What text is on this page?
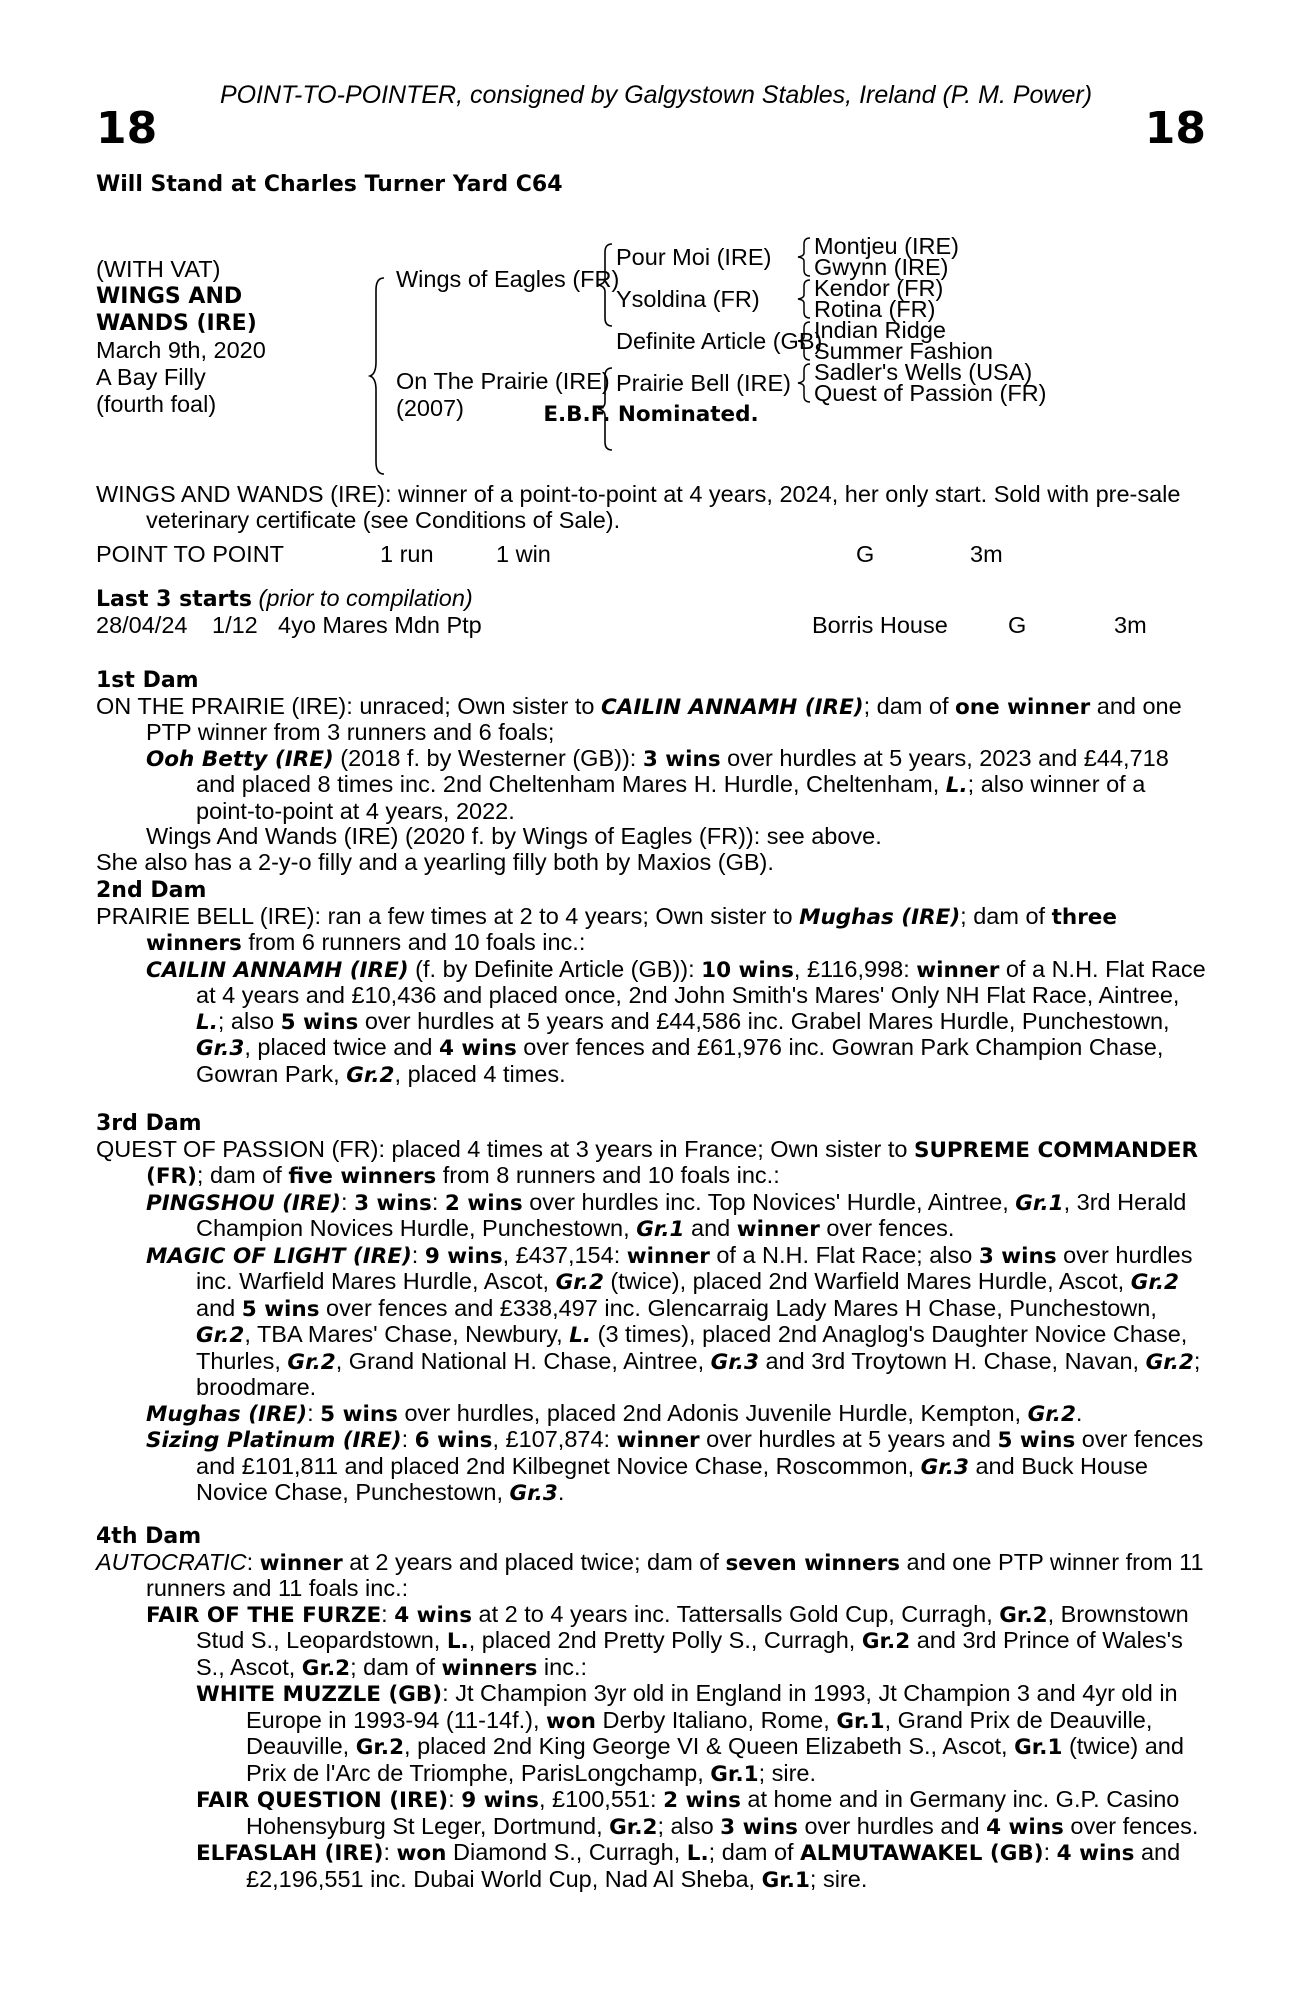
POINT-TO-POINTER, consigned by Galgystown Stables, Ireland (P. M. Power)

18	18
Will Stand at Charles Turner Yard C64
(WITH VAT)
WINGS AND
WANDS (IRE)
March 9th, 2020
A Bay Filly
(fourth foal)
Wings of Eagles (FR)
On The Prairie (IRE)
(2007)
Pour Moi (IRE)
Ysoldina (FR)
Definite Article (GB)
Prairie Bell (IRE)
Montjeu (IRE)
Gwynn (IRE)
Kendor (FR)
Rotina (FR)
Indian Ridge
Summer Fashion
Sadler's Wells (USA)
Quest of Passion (FR)
E.B.F. Nominated.

WINGS AND WANDS (IRE): winner of a point-to-point at 4 years, 2024, her only start. Sold with pre-sale veterinary certificate (see Conditions of Sale).

POINT TO POINT	1 run	1 win	G	3m

Last 3 starts (prior to compilation)

28/04/24 1/12 4yo Mares Mdn Ptp	Borris House	G	3m

1st Dam

ON THE PRAIRIE (IRE): unraced; Own sister to CAILIN ANNAMH (IRE); dam of one winner and one PTP winner from 3 runners and 6 foals;

Ooh Betty (IRE) (2018 f. by Westerner (GB)): 3 wins over hurdles at 5 years, 2023 and £44,718 and placed 8 times inc. 2nd Cheltenham Mares H. Hurdle, Cheltenham, L.; also winner of a point-to-point at 4 years, 2022.

Wings And Wands (IRE) (2020 f. by Wings of Eagles (FR)): see above.

She also has a 2-y-o filly and a yearling filly both by Maxios (GB).

2nd Dam

PRAIRIE BELL (IRE): ran a few times at 2 to 4 years; Own sister to Mughas (IRE); dam of three winners from 6 runners and 10 foals inc.:

CAILIN ANNAMH (IRE) (f. by Definite Article (GB)): 10 wins, £116,998: winner of a N.H. Flat Race at 4 years and £10,436 and placed once, 2nd John Smith's Mares' Only NH Flat Race, Aintree, L.; also 5 wins over hurdles at 5 years and £44,586 inc. Grabel Mares Hurdle, Punchestown, Gr.3, placed twice and 4 wins over fences and £61,976 inc. Gowran Park Champion Chase, Gowran Park, Gr.2, placed 4 times.

3rd Dam

QUEST OF PASSION (FR): placed 4 times at 3 years in France; Own sister to SUPREME COMMANDER (FR); dam of five winners from 8 runners and 10 foals inc.:

PINGSHOU (IRE): 3 wins: 2 wins over hurdles inc. Top Novices' Hurdle, Aintree, Gr.1, 3rd Herald Champion Novices Hurdle, Punchestown, Gr.1 and winner over fences.

MAGIC OF LIGHT (IRE): 9 wins, £437,154: winner of a N.H. Flat Race; also 3 wins over hurdles inc. Warfield Mares Hurdle, Ascot, Gr.2 (twice), placed 2nd Warfield Mares Hurdle, Ascot, Gr.2 and 5 wins over fences and £338,497 inc. Glencarraig Lady Mares H Chase, Punchestown, Gr.2, TBA Mares' Chase, Newbury, L. (3 times), placed 2nd Anaglog's Daughter Novice Chase, Thurles, Gr.2, Grand National H. Chase, Aintree, Gr.3 and 3rd Troytown H. Chase, Navan, Gr.2; broodmare.

Mughas (IRE): 5 wins over hurdles, placed 2nd Adonis Juvenile Hurdle, Kempton, Gr.2.

Sizing Platinum (IRE): 6 wins, £107,874: winner over hurdles at 5 years and 5 wins over fences and £101,811 and placed 2nd Kilbegnet Novice Chase, Roscommon, Gr.3 and Buck House Novice Chase, Punchestown, Gr.3.

4th Dam

AUTOCRATIC: winner at 2 years and placed twice; dam of seven winners and one PTP winner from 11 runners and 11 foals inc.:

FAIR OF THE FURZE: 4 wins at 2 to 4 years inc. Tattersalls Gold Cup, Curragh, Gr.2, Brownstown Stud S., Leopardstown, L., placed 2nd Pretty Polly S., Curragh, Gr.2 and 3rd Prince of Wales's S., Ascot, Gr.2; dam of winners inc.:

WHITE MUZZLE (GB): Jt Champion 3yr old in England in 1993, Jt Champion 3 and 4yr old in Europe in 1993-94 (11-14f.), won Derby Italiano, Rome, Gr.1, Grand Prix de Deauville, Deauville, Gr.2, placed 2nd King George VI & Queen Elizabeth S., Ascot, Gr.1 (twice) and Prix de l'Arc de Triomphe, ParisLongchamp, Gr.1; sire.

FAIR QUESTION (IRE): 9 wins, £100,551: 2 wins at home and in Germany inc. G.P. Casino Hohensyburg St Leger, Dortmund, Gr.2; also 3 wins over hurdles and 4 wins over fences.

ELFASLAH (IRE): won Diamond S., Curragh, L.; dam of ALMUTAWAKEL (GB): 4 wins and £2,196,551 inc. Dubai World Cup, Nad Al Sheba, Gr.1; sire.
